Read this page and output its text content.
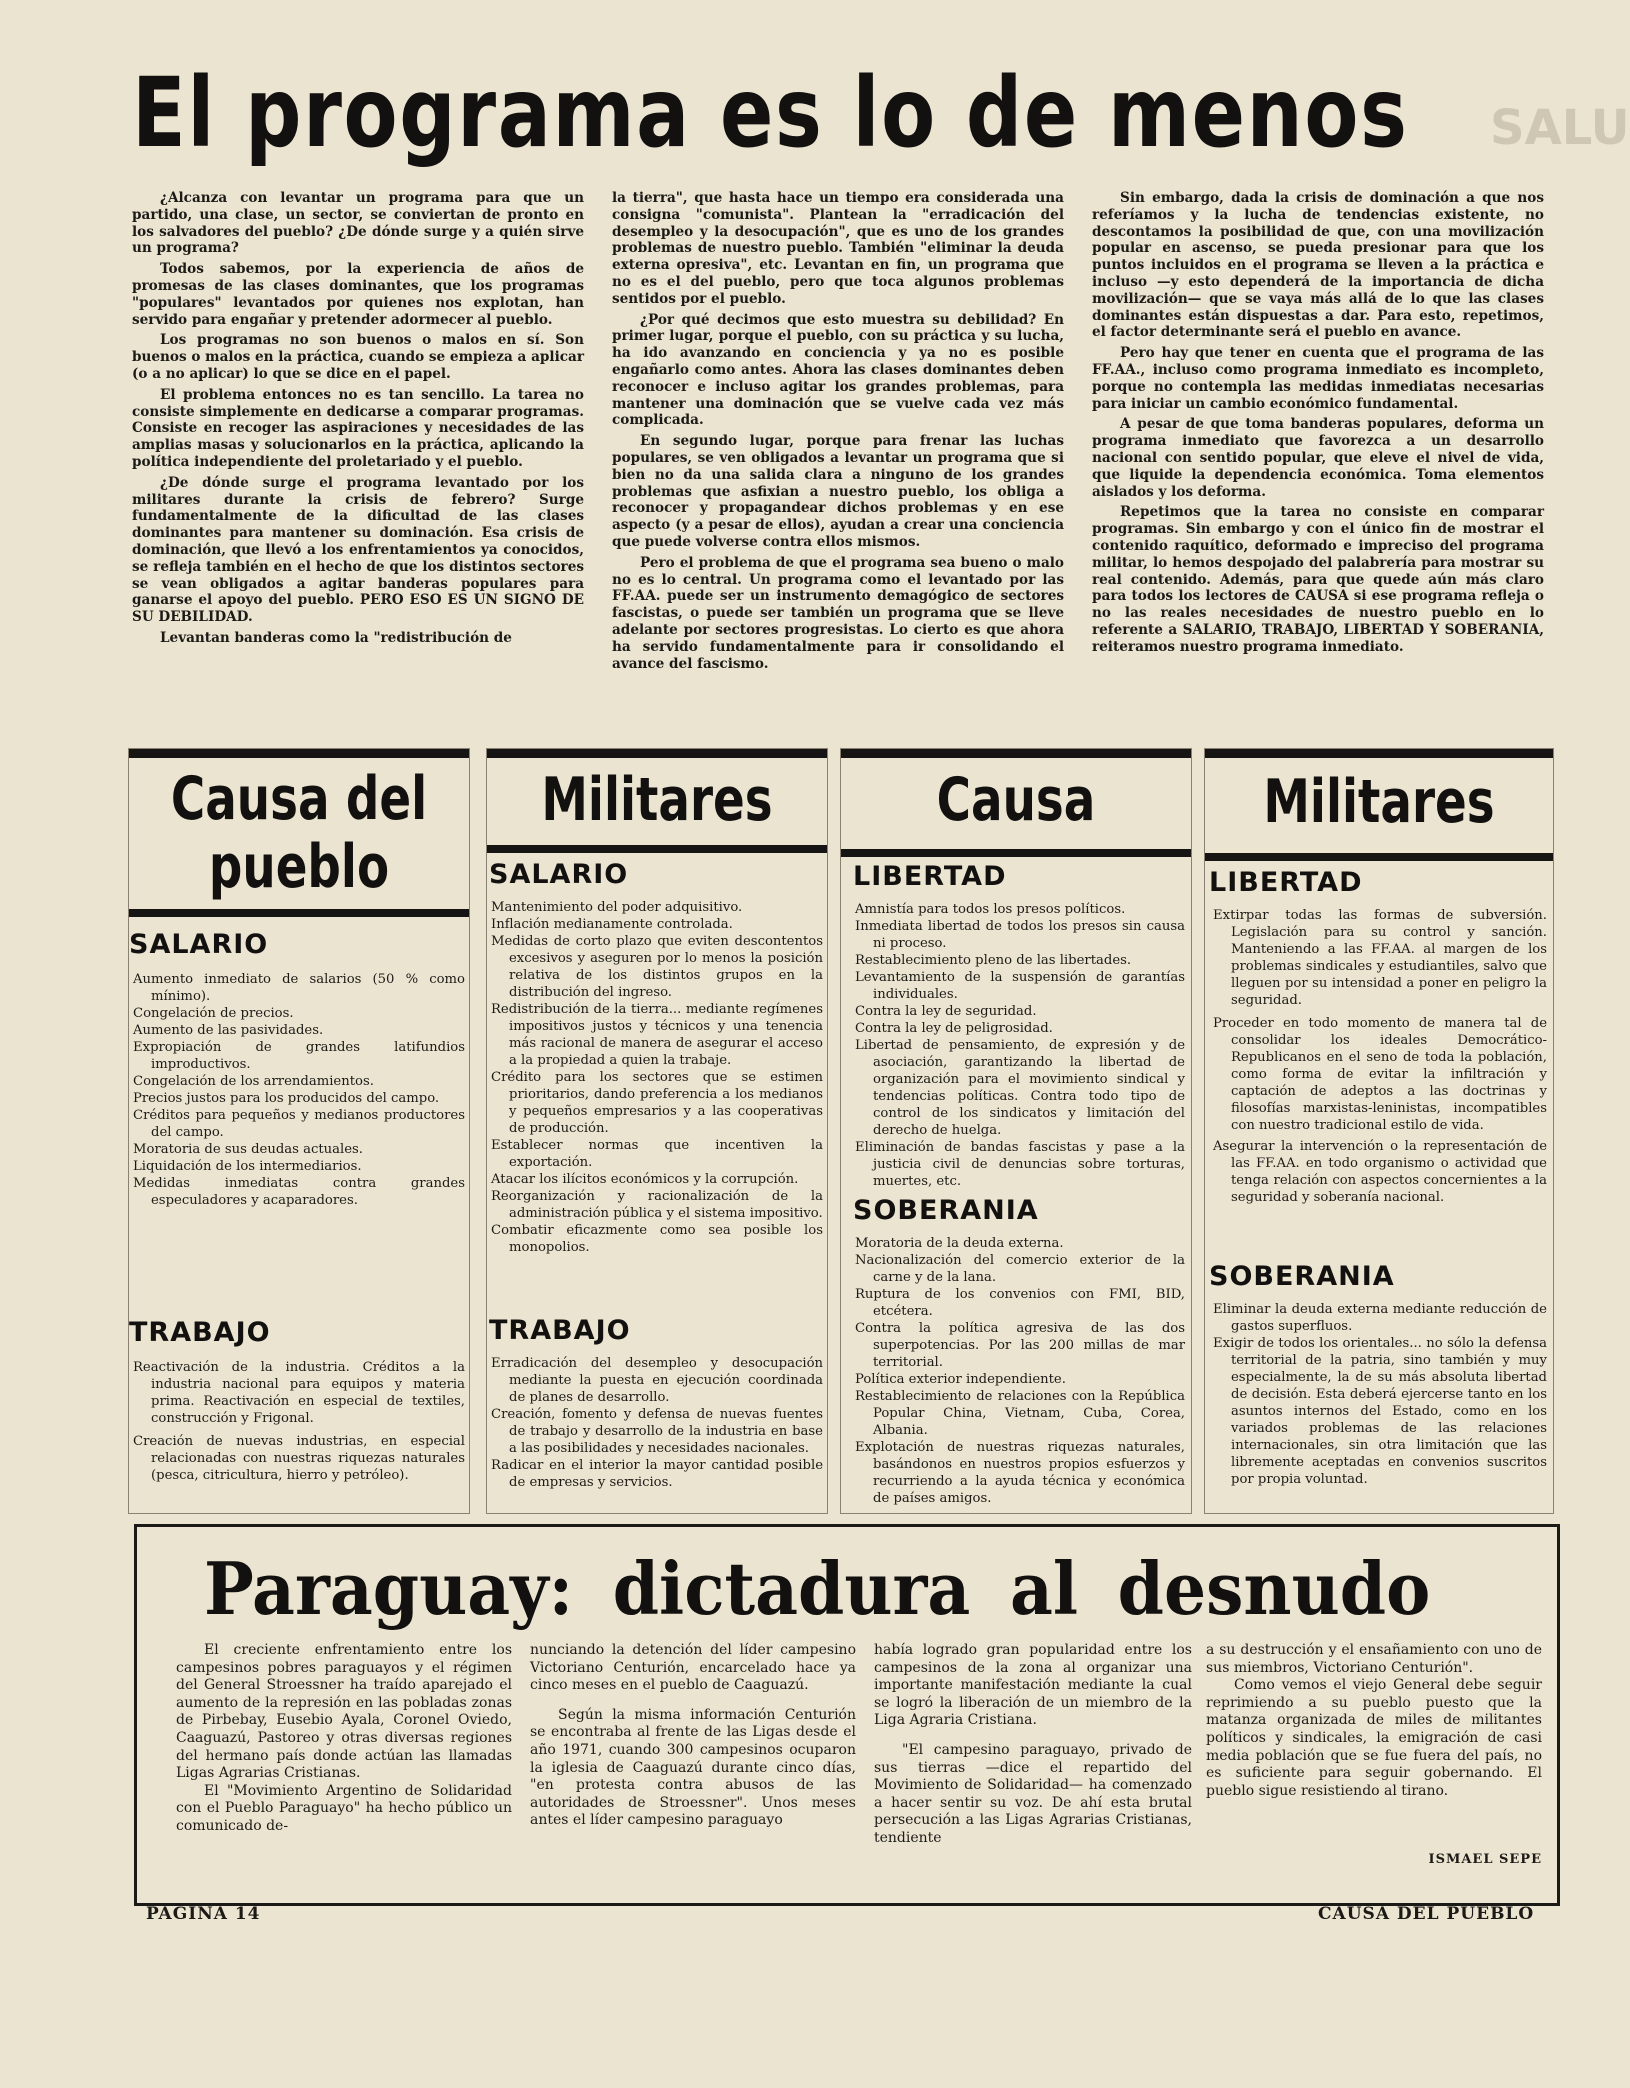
El programa es lo de menos SALU

¿Alcanza con levantar un programa para que un partido, una clase, un sector, se conviertan de pronto en los salvadores del pueblo? ¿De dónde surge y a quién sirve un programa?

Todos sabemos, por la experiencia de años de promesas de las clases dominantes, que los programas "populares" levantados por quienes nos explotan, han servido para engañar y pretender adormecer al pueblo.

Los programas no son buenos o malos en sí. Son buenos o malos en la práctica, cuando se empieza a aplicar (o a no aplicar) lo que se dice en el papel.

El problema entonces no es tan sencillo. La tarea no consiste simplemente en dedicarse a comparar programas. Consiste en recoger las aspiraciones y necesidades de las amplias masas y solucionarlos en la práctica, aplicando la política independiente del proletariado y el pueblo.

¿De dónde surge el programa levantado por los militares durante la crisis de febrero? Surge fundamentalmente de la dificultad de las clases dominantes para mantener su dominación. Esa crisis de dominación, que llevó a los enfrentamientos ya conocidos, se refleja también en el hecho de que los distintos sectores se vean obligados a agitar banderas populares para ganarse el apoyo del pueblo. PERO ESO ES UN SIGNO DE SU DEBILIDAD.

Levantan banderas como la "redistribución de

la tierra", que hasta hace un tiempo era considerada una consigna "comunista". Plantean la "erradicación del desempleo y la desocupación", que es uno de los grandes problemas de nuestro pueblo. También "eliminar la deuda externa opresiva", etc. Levantan en fin, un programa que no es el del pueblo, pero que toca algunos problemas sentidos por el pueblo.

¿Por qué decimos que esto muestra su debilidad? En primer lugar, porque el pueblo, con su práctica y su lucha, ha ido avanzando en conciencia y ya no es posible engañarlo como antes. Ahora las clases dominantes deben reconocer e incluso agitar los grandes problemas, para mantener una dominación que se vuelve cada vez más complicada.

En segundo lugar, porque para frenar las luchas populares, se ven obligados a levantar un programa que si bien no da una salida clara a ninguno de los grandes problemas que asfixian a nuestro pueblo, los obliga a reconocer y propagandear dichos problemas y en ese aspecto (y a pesar de ellos), ayudan a crear una conciencia que puede volverse contra ellos mismos.

Pero el problema de que el programa sea bueno o malo no es lo central. Un programa como el levantado por las FF.AA. puede ser un instrumento demagógico de sectores fascistas, o puede ser también un programa que se lleve adelante por sectores progresistas. Lo cierto es que ahora ha servido fundamentalmente para ir consolidando el avance del fascismo.

Sin embargo, dada la crisis de dominación a que nos referíamos y la lucha de tendencias existente, no descontamos la posibilidad de que, con una movilización popular en ascenso, se pueda presionar para que los puntos incluidos en el programa se lleven a la práctica e incluso —y esto dependerá de la importancia de dicha movilización— que se vaya más allá de lo que las clases dominantes están dispuestas a dar. Para esto, repetimos, el factor determinante será el pueblo en avance.

Pero hay que tener en cuenta que el programa de las FF.AA., incluso como programa inmediato es incompleto, porque no contempla las medidas inmediatas necesarias para iniciar un cambio económico fundamental.

A pesar de que toma banderas populares, deforma un programa inmediato que favorezca a un desarrollo nacional con sentido popular, que eleve el nivel de vida, que liquide la dependencia económica. Toma elementos aislados y los deforma.

Repetimos que la tarea no consiste en comparar programas. Sin embargo y con el único fin de mostrar el contenido raquítico, deformado e impreciso del programa militar, lo hemos despojado del palabrería para mostrar su real contenido. Además, para que quede aún más claro para todos los lectores de CAUSA si ese programa refleja o no las reales necesidades de nuestro pueblo en lo referente a SALARIO, TRABAJO, LIBERTAD Y SOBERANIA, reiteramos nuestro programa inmediato.

Causa del pueblo
SALARIO
Aumento inmediato de salarios (50 % como mínimo).
Congelación de precios.
Aumento de las pasividades.
Expropiación de grandes latifundios improductivos.
Congelación de los arrendamientos.
Precios justos para los producidos del campo.
Créditos para pequeños y medianos productores del campo.
Moratoria de sus deudas actuales.
Liquidación de los intermediarios.
Medidas inmediatas contra grandes especuladores y acaparadores.
TRABAJO
Reactivación de la industria. Créditos a la industria nacional para equipos y materia prima. Reactivación en especial de textiles, construcción y Frigonal.
Creación de nuevas industrias, en especial relacionadas con nuestras riquezas naturales (pesca, citricultura, hierro y petróleo).
Militares
SALARIO
Mantenimiento del poder adquisitivo.
Inflación medianamente controlada.
Medidas de corto plazo que eviten descontentos excesivos y aseguren por lo menos la posición relativa de los distintos grupos en la distribución del ingreso.
Redistribución de la tierra... mediante regímenes impositivos justos y técnicos y una tenencia más racional de manera de asegurar el acceso a la propiedad a quien la trabaje.
Crédito para los sectores que se estimen prioritarios, dando preferencia a los medianos y pequeños empresarios y a las cooperativas de producción.
Establecer normas que incentiven la exportación.
Atacar los ilícitos económicos y la corrupción.
Reorganización y racionalización de la administración pública y el sistema impositivo.
Combatir eficazmente como sea posible los monopolios.
TRABAJO
Erradicación del desempleo y desocupación mediante la puesta en ejecución coordinada de planes de desarrollo.
Creación, fomento y defensa de nuevas fuentes de trabajo y desarrollo de la industria en base a las posibilidades y necesidades nacionales.
Radicar en el interior la mayor cantidad posible de empresas y servicios.
Causa
LIBERTAD
Amnistía para todos los presos políticos.
Inmediata libertad de todos los presos sin causa ni proceso.
Restablecimiento pleno de las libertades.
Levantamiento de la suspensión de garantías individuales.
Contra la ley de seguridad.
Contra la ley de peligrosidad.
Libertad de pensamiento, de expresión y de asociación, garantizando la libertad de organización para el movimiento sindical y tendencias políticas. Contra todo tipo de control de los sindicatos y limitación del derecho de huelga.
Eliminación de bandas fascistas y pase a la justicia civil de denuncias sobre torturas, muertes, etc.
SOBERANIA
Moratoria de la deuda externa.
Nacionalización del comercio exterior de la carne y de la lana.
Ruptura de los convenios con FMI, BID, etcétera.
Contra la política agresiva de las dos superpotencias. Por las 200 millas de mar territorial.
Política exterior independiente.
Restablecimiento de relaciones con la República Popular China, Vietnam, Cuba, Corea, Albania.
Explotación de nuestras riquezas naturales, basándonos en nuestros propios esfuerzos y recurriendo a la ayuda técnica y económica de países amigos.
Militares
LIBERTAD
Extirpar todas las formas de subversión. Legislación para su control y sanción. Manteniendo a las FF.AA. al margen de los problemas sindicales y estudiantiles, salvo que lleguen por su intensidad a poner en peligro la seguridad.
Proceder en todo momento de manera tal de consolidar los ideales Democrático-Republicanos en el seno de toda la población, como forma de evitar la infiltración y captación de adeptos a las doctrinas y filosofías marxistas-leninistas, incompatibles con nuestro tradicional estilo de vida.
Asegurar la intervención o la representación de las FF.AA. en todo organismo o actividad que tenga relación con aspectos concernientes a la seguridad y soberanía nacional.
SOBERANIA
Eliminar la deuda externa mediante reducción de gastos superfluos.
Exigir de todos los orientales... no sólo la defensa territorial de la patria, sino también y muy especialmente, la de su más absoluta libertad de decisión. Esta deberá ejercerse tanto en los asuntos internos del Estado, como en los variados problemas de las relaciones internacionales, sin otra limitación que las libremente aceptadas en convenios suscritos por propia voluntad.
Paraguay: dictadura al desnudo

El creciente enfrentamiento entre los campesinos pobres paraguayos y el régimen del General Stroessner ha traído aparejado el aumento de la represión en las pobladas zonas de Pirbebay, Eusebio Ayala, Coronel Oviedo, Caaguazú, Pastoreo y otras diversas regiones del hermano país donde actúan las llamadas Ligas Agrarias Cristianas.

El "Movimiento Argentino de Solidaridad con el Pueblo Paraguayo" ha hecho público un comunicado de-

nunciando la detención del líder campesino Victoriano Centurión, encarcelado hace ya cinco meses en el pueblo de Caaguazú.

Según la misma información Centurión se encontraba al frente de las Ligas desde el año 1971, cuando 300 campesinos ocuparon la iglesia de Caaguazú durante cinco días, "en protesta contra abusos de las autoridades de Stroessner". Unos meses antes el líder campesino paraguayo

había logrado gran popularidad entre los campesinos de la zona al organizar una importante manifestación mediante la cual se logró la liberación de un miembro de la Liga Agraria Cristiana.

"El campesino paraguayo, privado de sus tierras —dice el repartido del Movimiento de Solidaridad— ha comenzado a hacer sentir su voz. De ahí esta brutal persecución a las Ligas Agrarias Cristianas, tendiente

a su destrucción y el ensañamiento con uno de sus miembros, Victoriano Centurión".

Como vemos el viejo General debe seguir reprimiendo a su pueblo puesto que la matanza organizada de miles de militantes políticos y sindicales, la emigración de casi media población que se fue fuera del país, no es suficiente para seguir gobernando. El pueblo sigue resistiendo al tirano.

ISMAEL SEPE
PAGINA 14	CAUSA DEL PUEBLO
